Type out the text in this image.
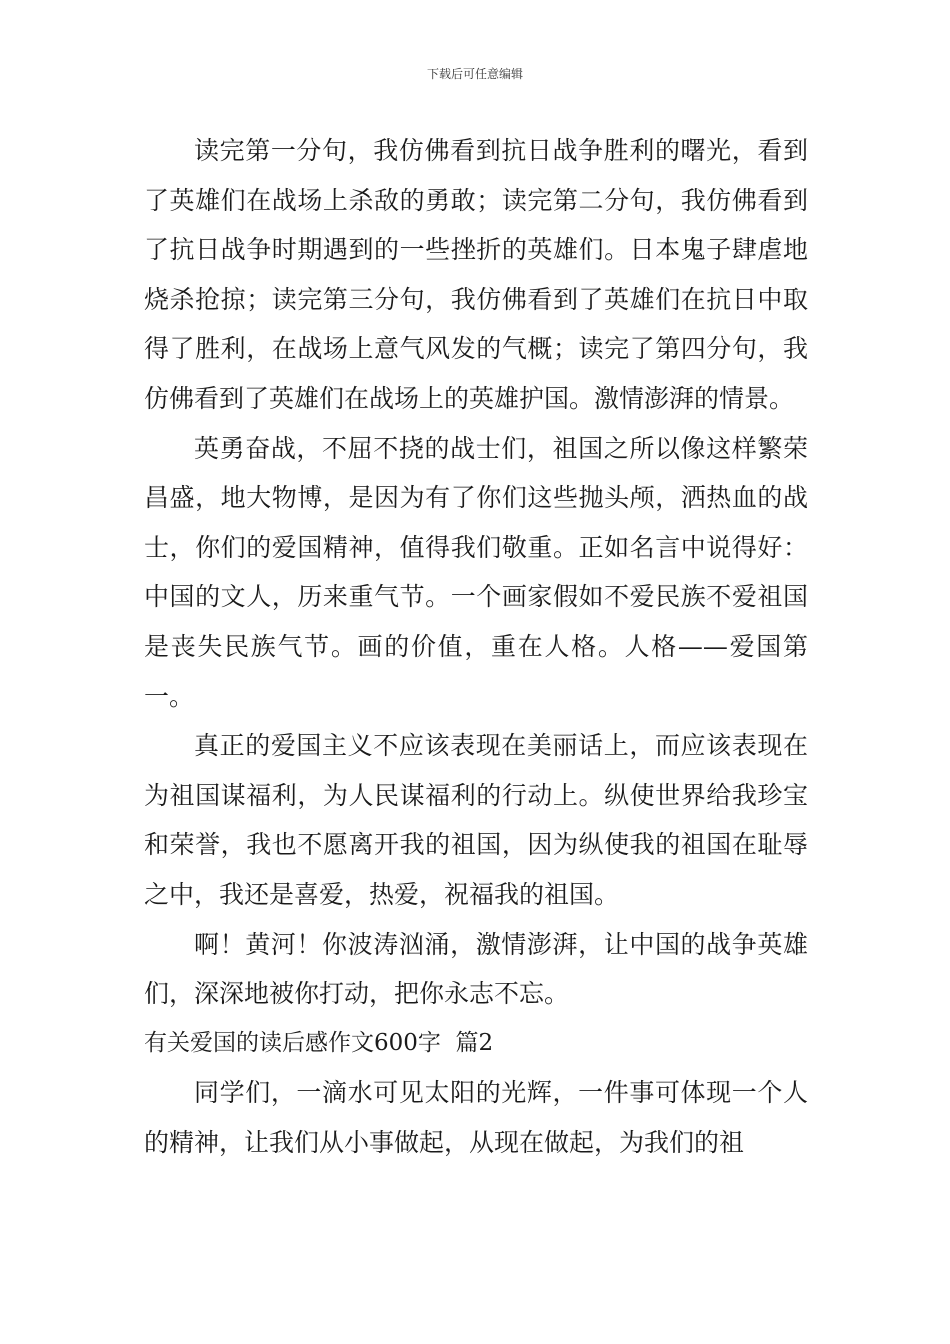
下载后可任意编辑

读完第一分句，我仿佛看到抗日战争胜利的曙光，看到了英雄们在战场上杀敌的勇敢；读完第二分句，我仿佛看到了抗日战争时期遇到的一些挫折的英雄们。日本鬼子肆虐地烧杀抢掠；读完第三分句，我仿佛看到了英雄们在抗日中取得了胜利，在战场上意气风发的气概；读完了第四分句，我仿佛看到了英雄们在战场上的英雄护国。激情澎湃的情景。

英勇奋战，不屈不挠的战士们，祖国之所以像这样繁荣昌盛，地大物博，是因为有了你们这些抛头颅，洒热血的战士，你们的爱国精神，值得我们敬重。正如名言中说得好：中国的文人，历来重气节。一个画家假如不爱民族不爱祖国是丧失民族气节。画的价值，重在人格。人格——爱国第一。

真正的爱国主义不应该表现在美丽话上，而应该表现在为祖国谋福利，为人民谋福利的行动上。纵使世界给我珍宝和荣誉，我也不愿离开我的祖国，因为纵使我的祖国在耻辱之中，我还是喜爱，热爱，祝福我的祖国。

啊！黄河！你波涛汹涌，激情澎湃，让中国的战争英雄们，深深地被你打动，把你永志不忘。

有关爱国的读后感作文600字  篇2

同学们，一滴水可见太阳的光辉，一件事可体现一个人的精神，让我们从小事做起，从现在做起，为我们的祖
